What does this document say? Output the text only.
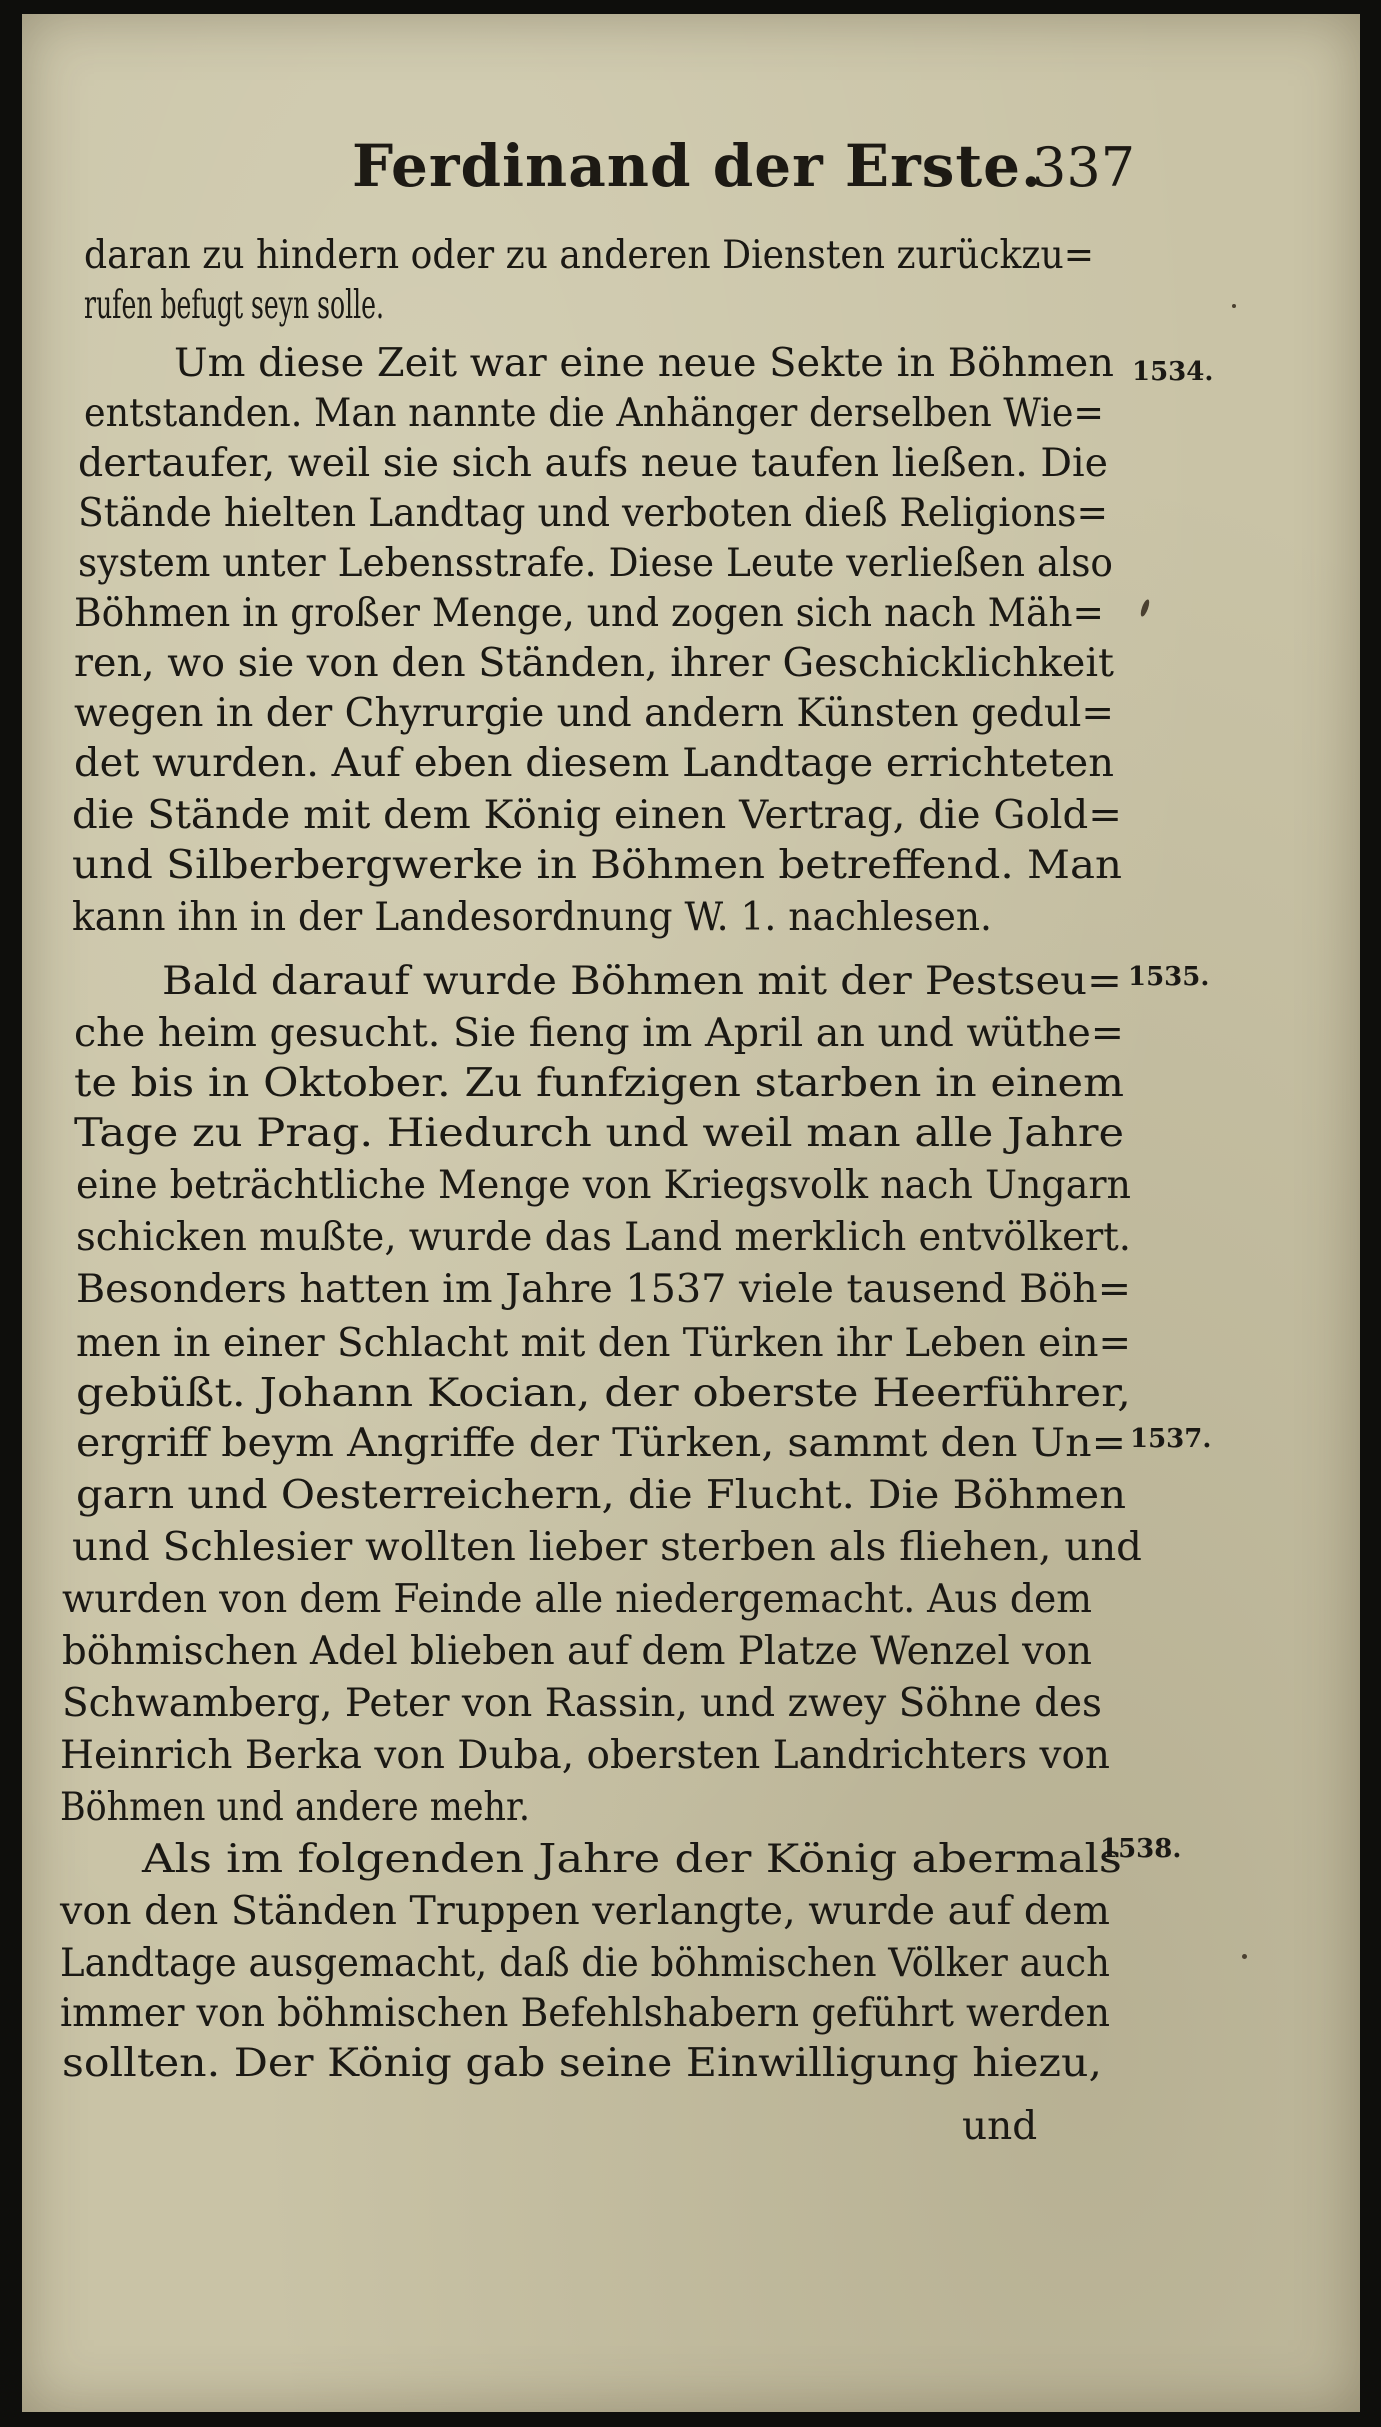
Ferdinand der Erste.
337
daran zu hindern oder zu anderen Diensten zurückzu=
rufen befugt seyn solle.
Um diese Zeit war eine neue Sekte in Böhmen
entstanden. Man nannte die Anhänger derselben Wie=
dertaufer, weil sie sich aufs neue taufen ließen. Die
Stände hielten Landtag und verboten dieß Religions=
system unter Lebensstrafe. Diese Leute verließen also
Böhmen in großer Menge, und zogen sich nach Mäh=
ren, wo sie von den Ständen, ihrer Geschicklichkeit
wegen in der Chyrurgie und andern Künsten gedul=
det wurden. Auf eben diesem Landtage errichteten
die Stände mit dem König einen Vertrag, die Gold=
und Silberbergwerke in Böhmen betreffend. Man
kann ihn in der Landesordnung W. 1. nachlesen.
Bald darauf wurde Böhmen mit der Pestseu=
che heim gesucht. Sie fieng im April an und wüthe=
te bis in Oktober. Zu funfzigen starben in einem
Tage zu Prag. Hiedurch und weil man alle Jahre
eine beträchtliche Menge von Kriegsvolk nach Ungarn
schicken mußte, wurde das Land merklich entvölkert.
Besonders hatten im Jahre 1537 viele tausend Böh=
men in einer Schlacht mit den Türken ihr Leben ein=
gebüßt. Johann Kocian, der oberste Heerführer,
ergriff beym Angriffe der Türken, sammt den Un=
garn und Oesterreichern, die Flucht. Die Böhmen
und Schlesier wollten lieber sterben als fliehen, und
wurden von dem Feinde alle niedergemacht. Aus dem
böhmischen Adel blieben auf dem Platze Wenzel von
Schwamberg, Peter von Rassin, und zwey Söhne des
Heinrich Berka von Duba, obersten Landrichters von
Böhmen und andere mehr.
Als im folgenden Jahre der König abermals
von den Ständen Truppen verlangte, wurde auf dem
Landtage ausgemacht, daß die böhmischen Völker auch
immer von böhmischen Befehlshabern geführt werden
sollten. Der König gab seine Einwilligung hiezu,
1534.
1535.
1537.
1538.
und
